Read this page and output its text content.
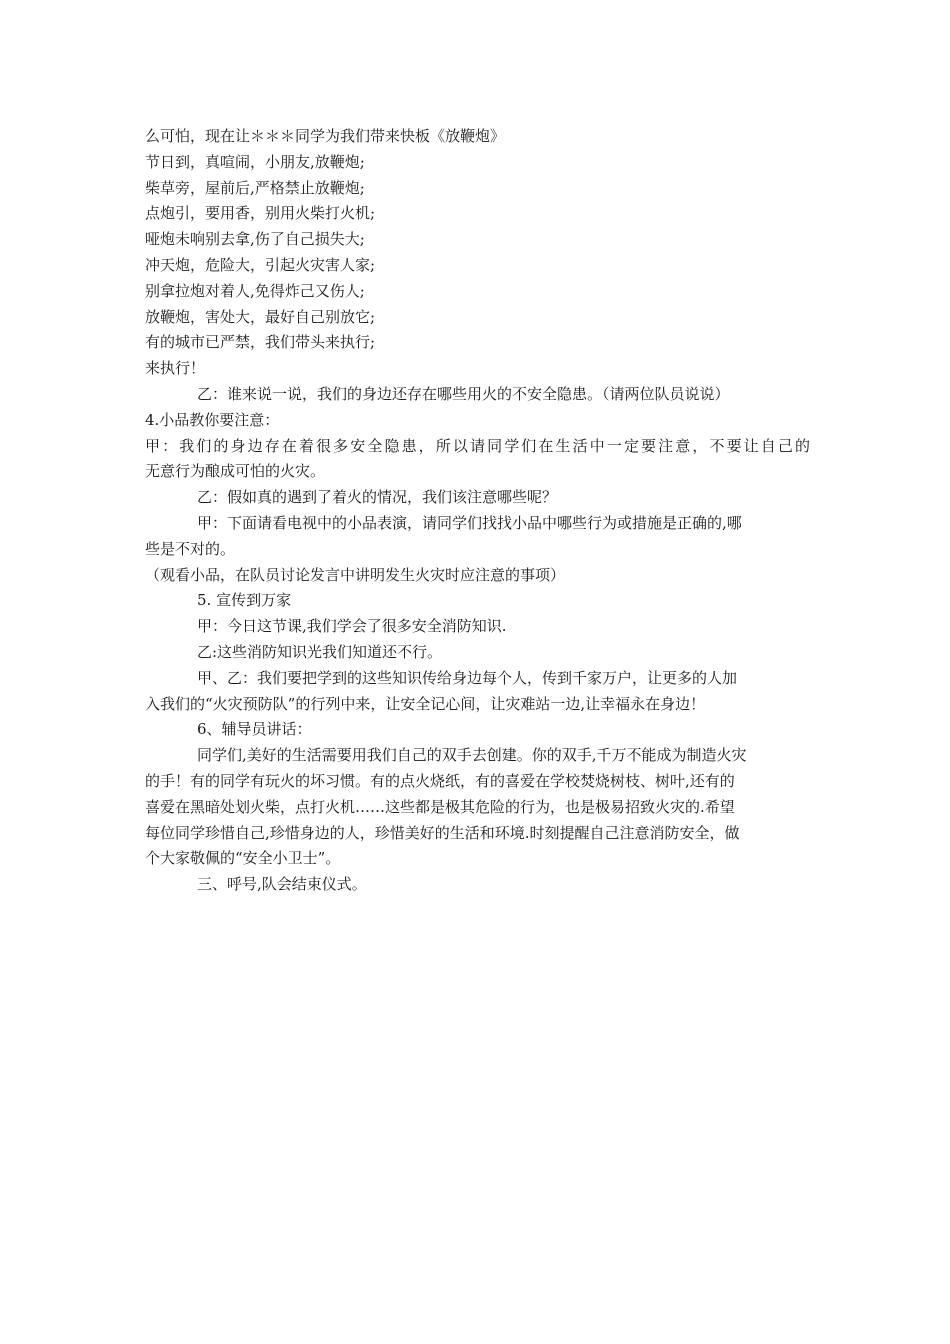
么可怕，现在让＊＊＊同学为我们带来快板《放鞭炮》
节日到，真喧闹，小朋友,放鞭炮;
柴草旁，屋前后,严格禁止放鞭炮;
点炮引，要用香，别用火柴打火机;
哑炮未响别去拿,伤了自己损失大;
冲天炮，危险大，引起火灾害人家;
别拿拉炮对着人,免得炸己又伤人;
放鞭炮，害处大，最好自己别放它;
有的城市已严禁，我们带头来执行;
来执行！
乙：谁来说一说，我们的身边还存在哪些用火的不安全隐患。（请两位队员说说）
4.小品教你要注意：
甲：我们的身边存在着很多安全隐患，所以请同学们在生活中一定要注意，不要让自己的
无意行为酿成可怕的火灾。
乙：假如真的遇到了着火的情况，我们该注意哪些呢？
甲：下面请看电视中的小品表演，请同学们找找小品中哪些行为或措施是正确的,哪
些是不对的。
（观看小品，在队员讨论发言中讲明发生火灾时应注意的事项）
5. 宣传到万家
甲：今日这节课,我们学会了很多安全消防知识.
乙:这些消防知识光我们知道还不行。
甲、乙：我们要把学到的这些知识传给身边每个人，传到千家万户，让更多的人加
入我们的“火灾预防队”的行列中来，让安全记心间，让灾难站一边,让幸福永在身边！
6、辅导员讲话：
同学们,美好的生活需要用我们自己的双手去创建。你的双手,千万不能成为制造火灾
的手！有的同学有玩火的坏习惯。有的点火烧纸，有的喜爱在学校焚烧树枝、树叶,还有的
喜爱在黑暗处划火柴，点打火机……这些都是极其危险的行为，也是极易招致火灾的.希望
每位同学珍惜自己,珍惜身边的人，珍惜美好的生活和环境.时刻提醒自己注意消防安全，做
个大家敬佩的“安全小卫士”。
三、呼号,队会结束仪式。
